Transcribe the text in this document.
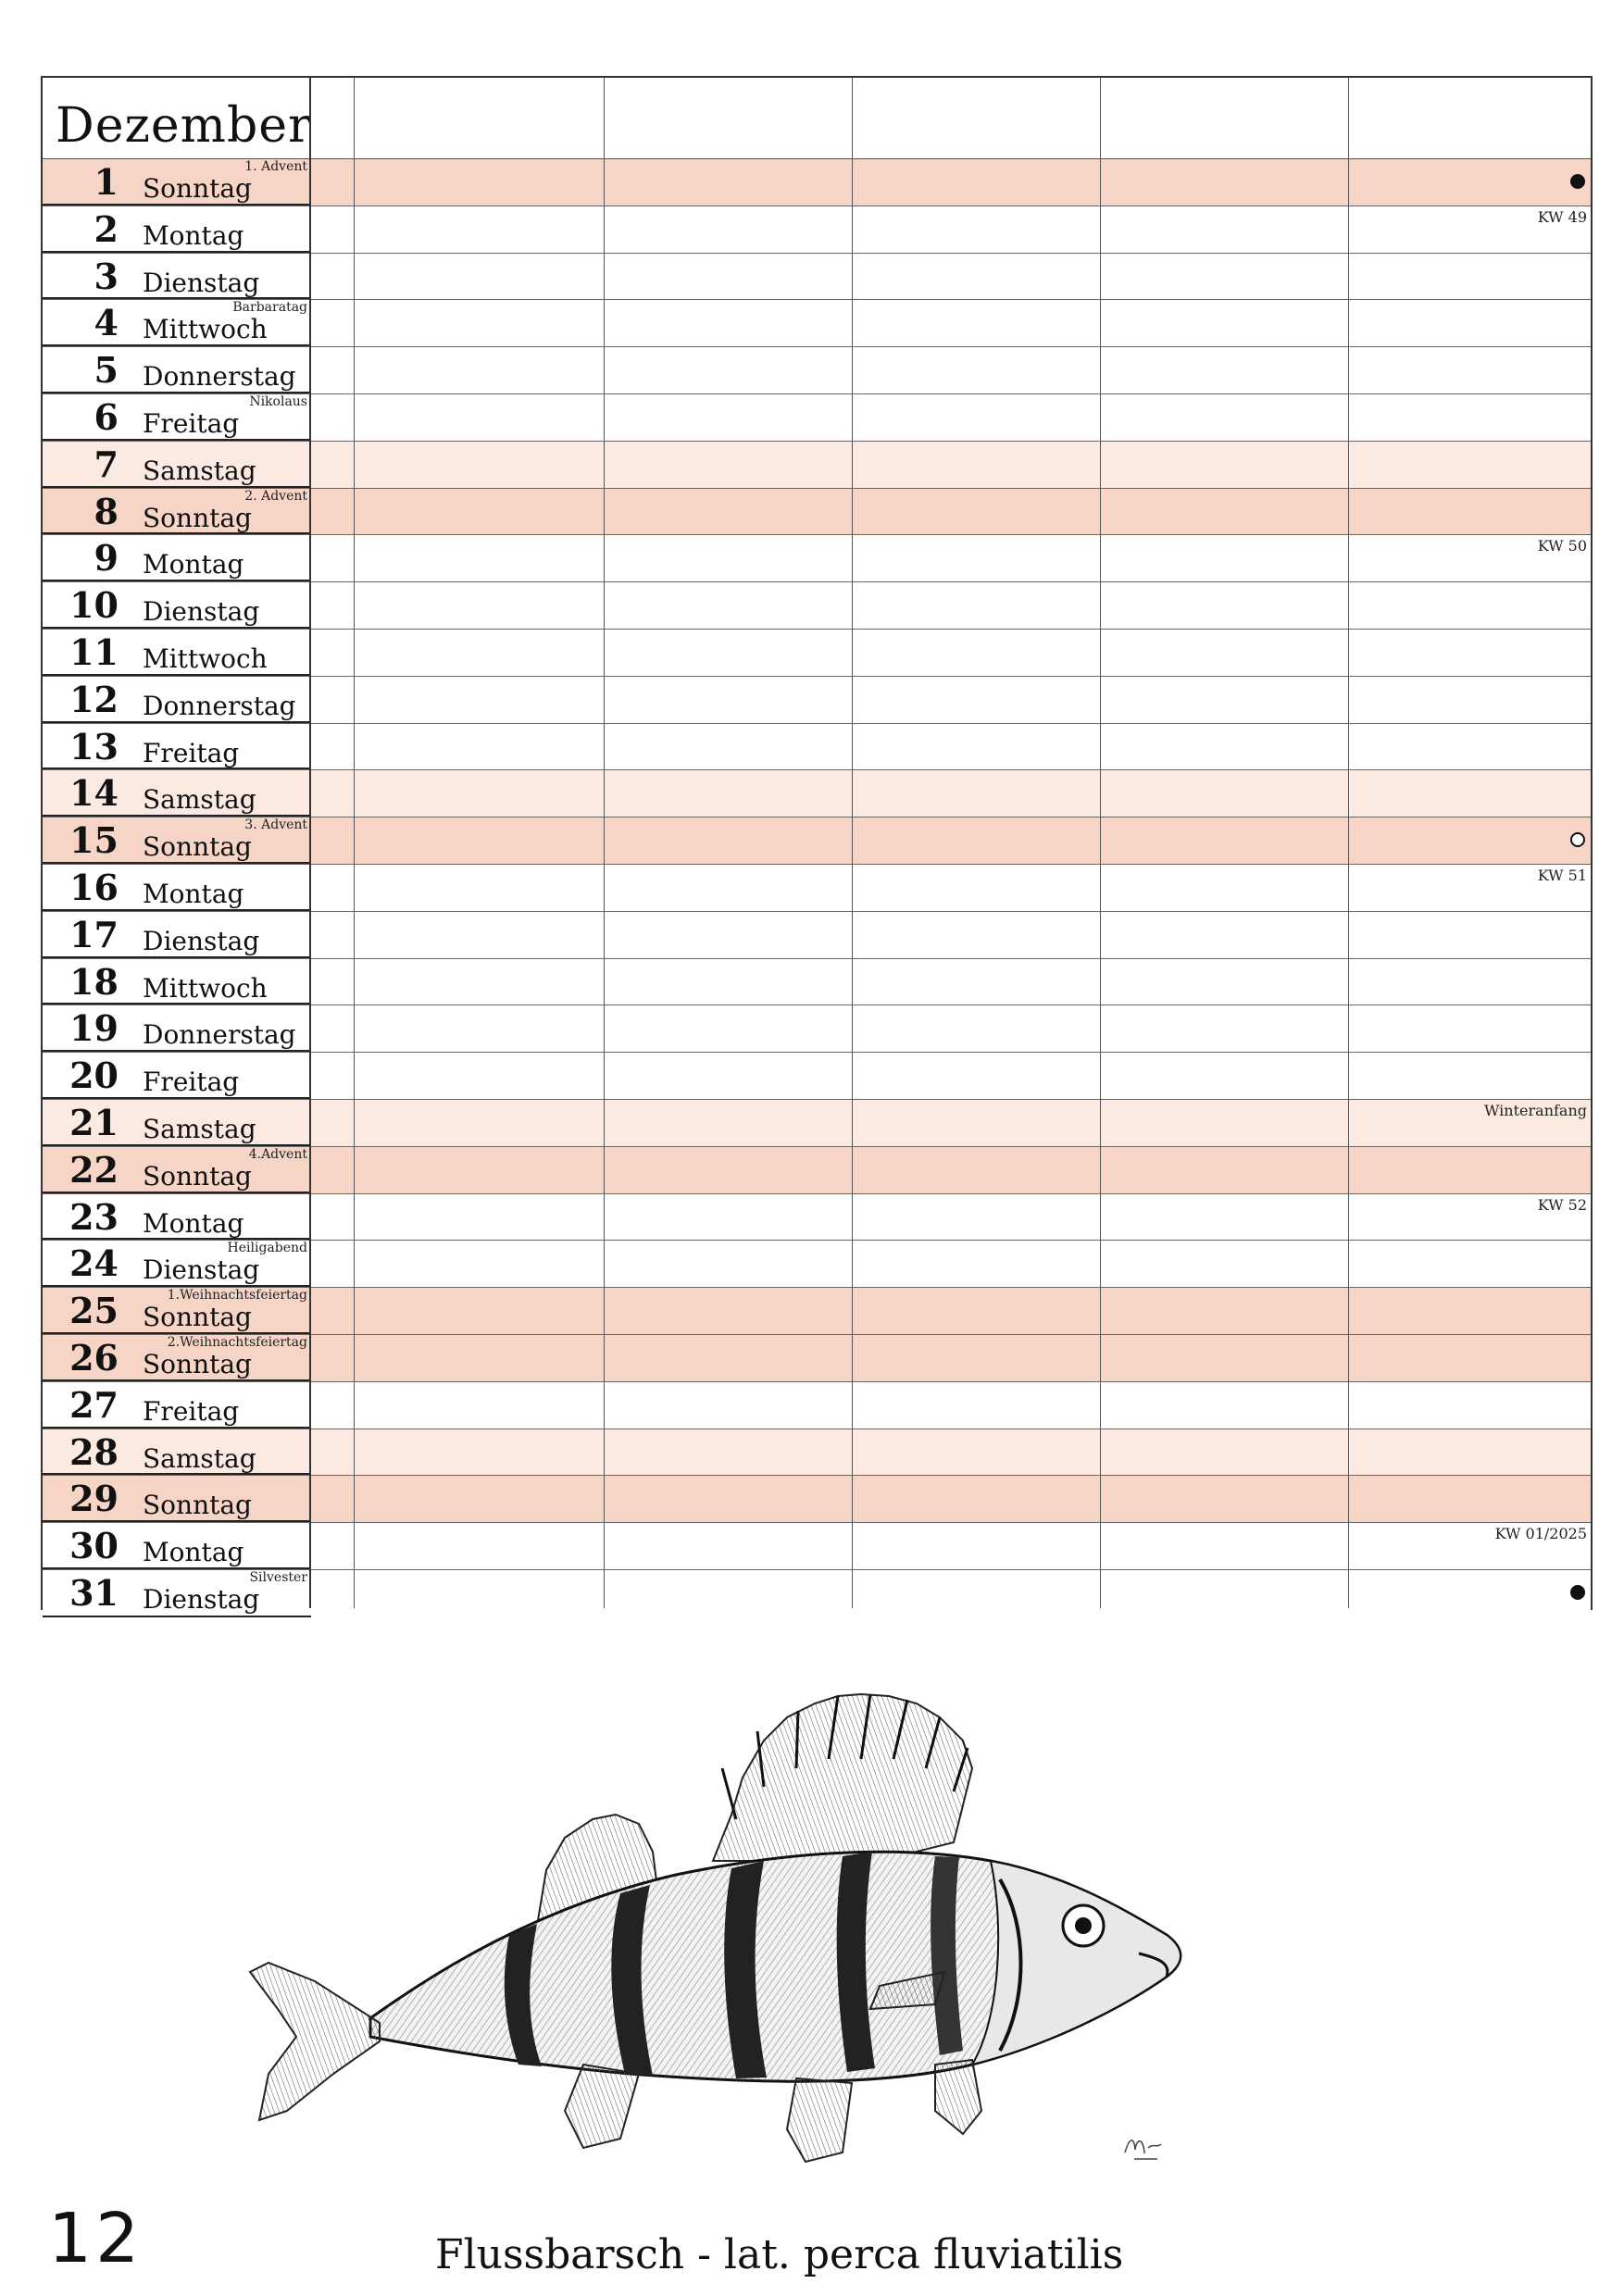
Dezember
1 Sonntag
1. Advent
2 Montag
KW 49
3 Dienstag
4 Mittwoch
Barbaratag
5 Donnerstag
6 Freitag
Nikolaus
7 Samstag
8 Sonntag
2. Advent
9 Montag
KW 50
10 Dienstag
11 Mittwoch
12 Donnerstag
13 Freitag
14 Samstag
15 Sonntag
3. Advent
16 Montag
KW 51
17 Dienstag
18 Mittwoch
19 Donnerstag
20 Freitag
21 Samstag
Winteranfang
22 Sonntag
4.Advent
23 Montag
KW 52
24 Dienstag
Heiligabend
25 Sonntag
1.Weihnachtsfeiertag
26 Sonntag
2.Weihnachtsfeiertag
27 Freitag
28 Samstag
29 Sonntag
30 Montag
KW 01/2025
31 Dienstag
Silvester
12	Flussbarsch - lat. perca fluviatilis
